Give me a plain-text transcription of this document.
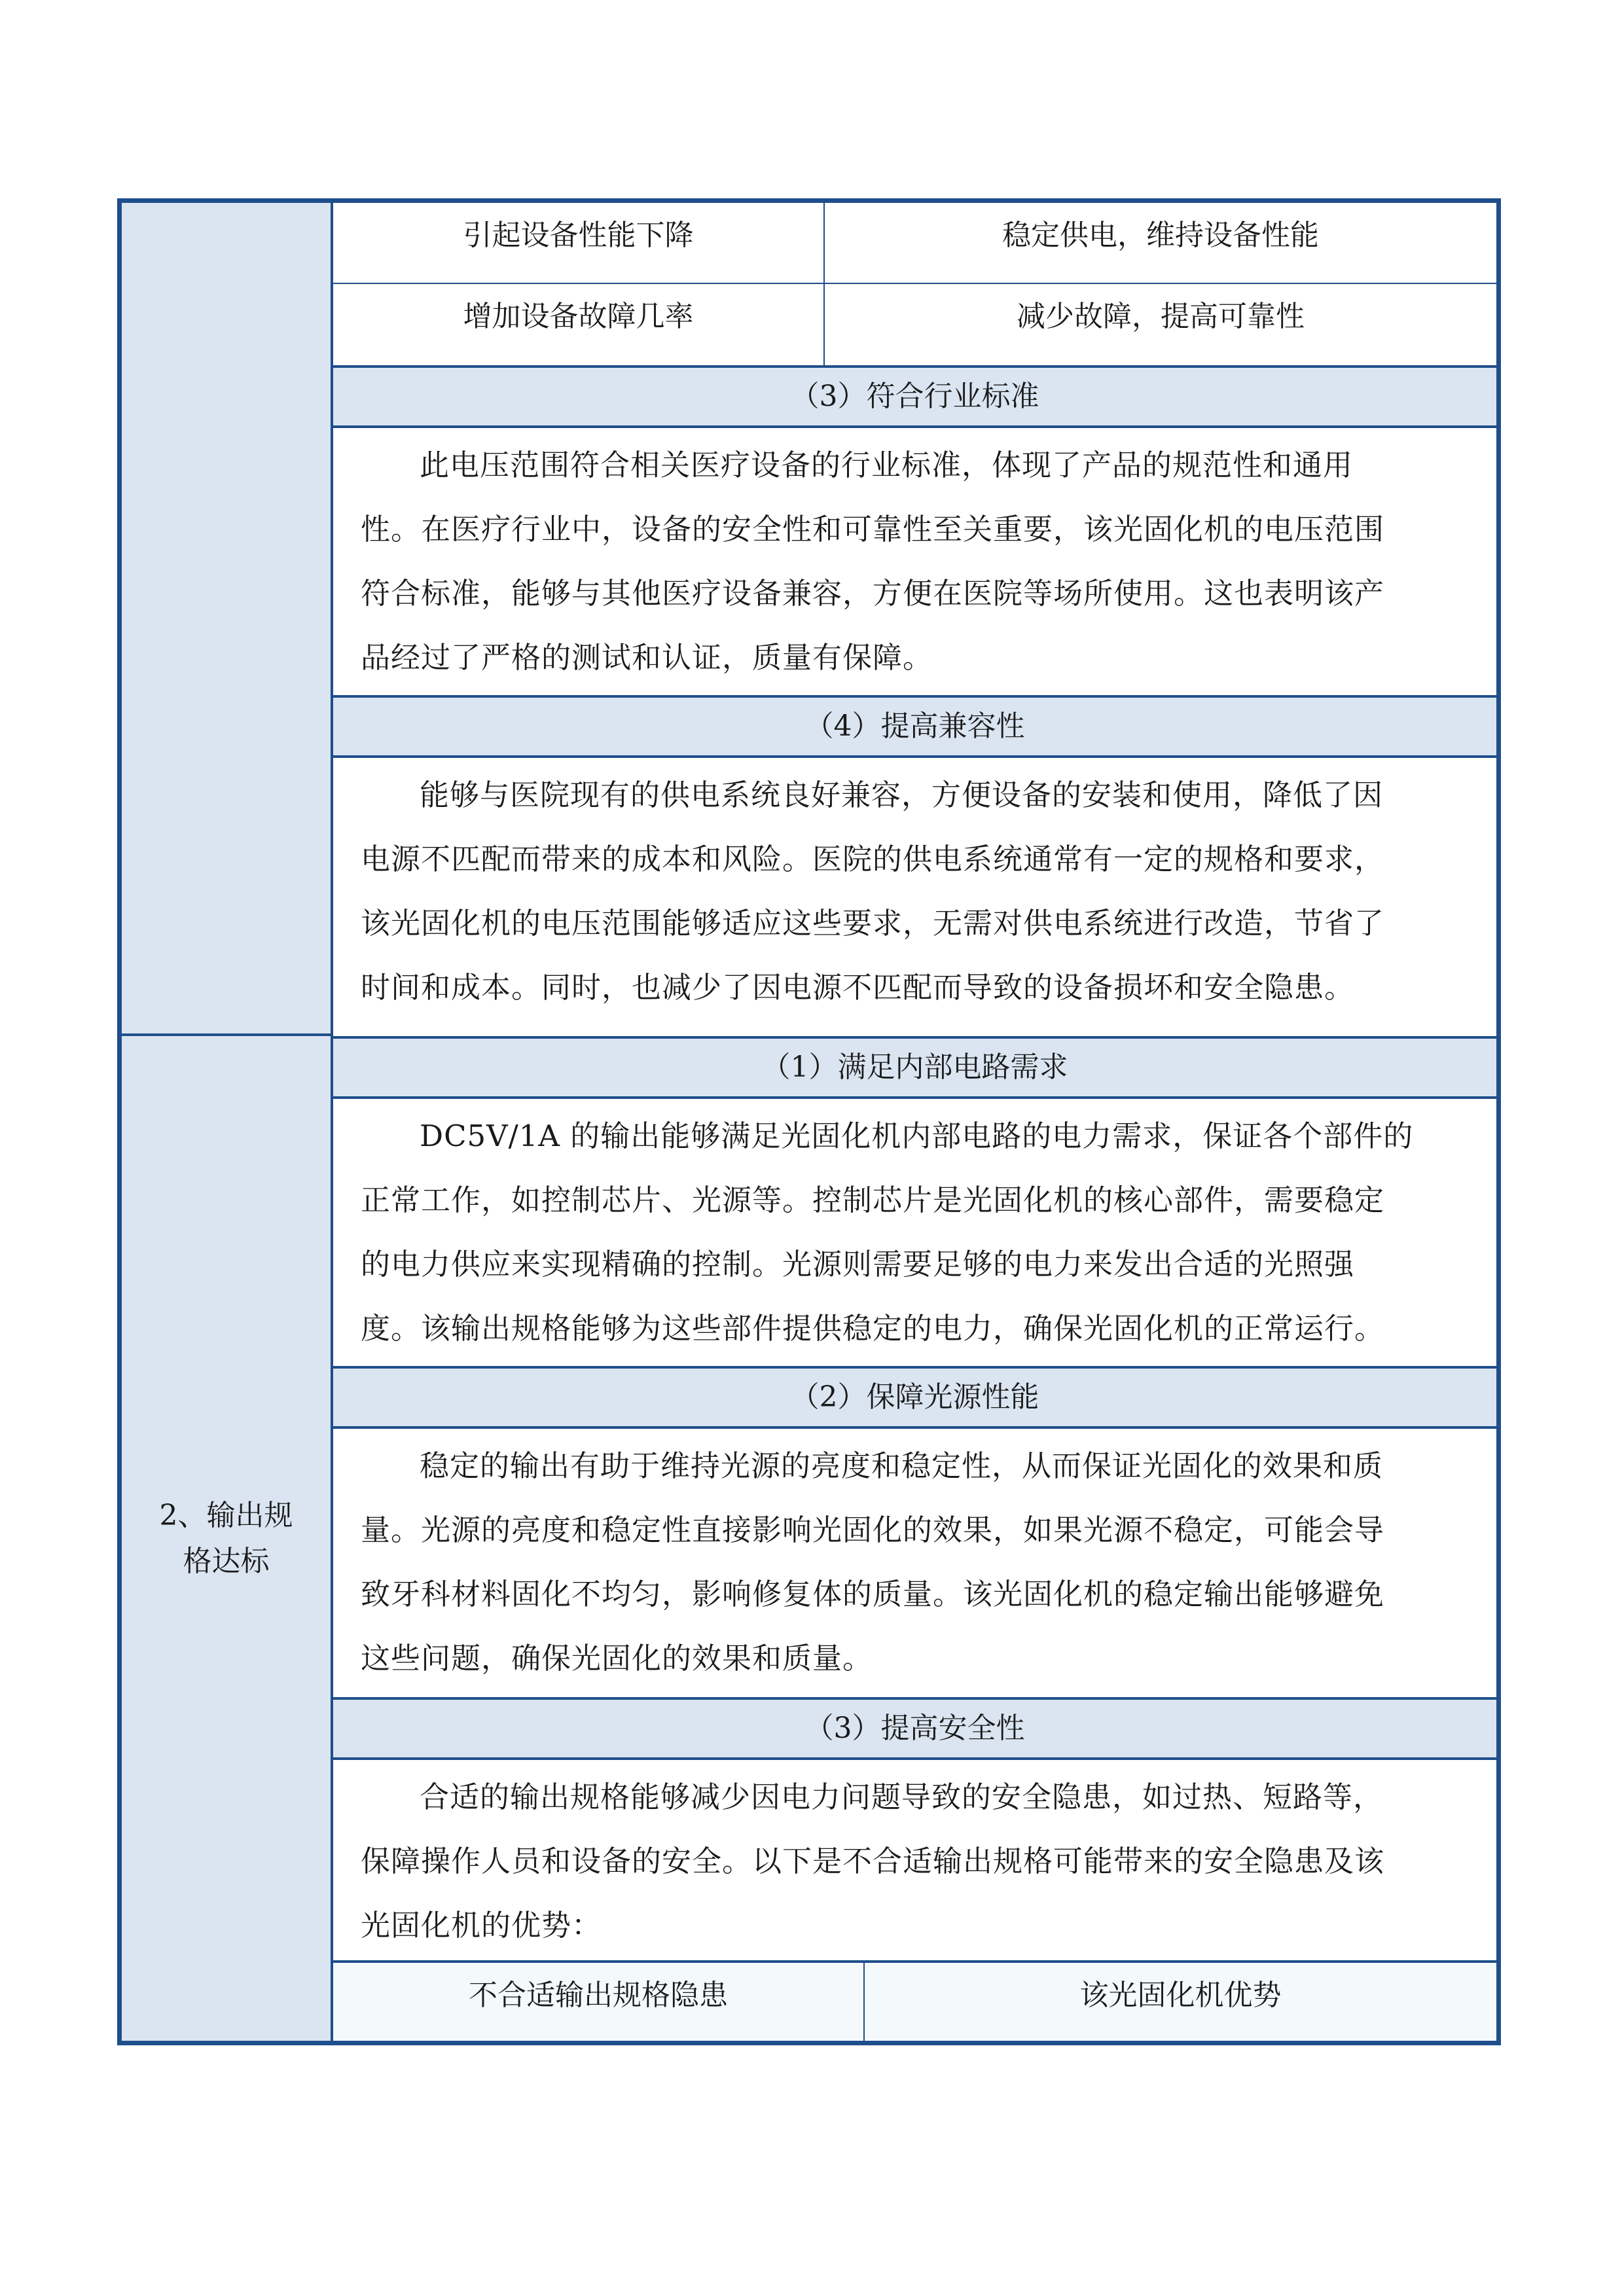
2、输出规
格达标
引起设备性能下降	稳定供电，维持设备性能
增加设备故障几率	减少故障，提高可靠性
（3）符合行业标准
此电压范围符合相关医疗设备的行业标准，体现了产品的规范性和通用
性。在医疗行业中，设备的安全性和可靠性至关重要，该光固化机的电压范围
符合标准，能够与其他医疗设备兼容，方便在医院等场所使用。这也表明该产
品经过了严格的测试和认证，质量有保障。
（4）提高兼容性
能够与医院现有的供电系统良好兼容，方便设备的安装和使用，降低了因
电源不匹配而带来的成本和风险。医院的供电系统通常有一定的规格和要求，
该光固化机的电压范围能够适应这些要求，无需对供电系统进行改造，节省了
时间和成本。同时，也减少了因电源不匹配而导致的设备损坏和安全隐患。
（1）满足内部电路需求
DC5V/1A 的输出能够满足光固化机内部电路的电力需求，保证各个部件的
正常工作，如控制芯片、光源等。控制芯片是光固化机的核心部件，需要稳定
的电力供应来实现精确的控制。光源则需要足够的电力来发出合适的光照强
度。该输出规格能够为这些部件提供稳定的电力，确保光固化机的正常运行。
（2）保障光源性能
稳定的输出有助于维持光源的亮度和稳定性，从而保证光固化的效果和质
量。光源的亮度和稳定性直接影响光固化的效果，如果光源不稳定，可能会导
致牙科材料固化不均匀，影响修复体的质量。该光固化机的稳定输出能够避免
这些问题，确保光固化的效果和质量。
（3）提高安全性
合适的输出规格能够减少因电力问题导致的安全隐患，如过热、短路等，
保障操作人员和设备的安全。以下是不合适输出规格可能带来的安全隐患及该
光固化机的优势：
不合适输出规格隐患	该光固化机优势
